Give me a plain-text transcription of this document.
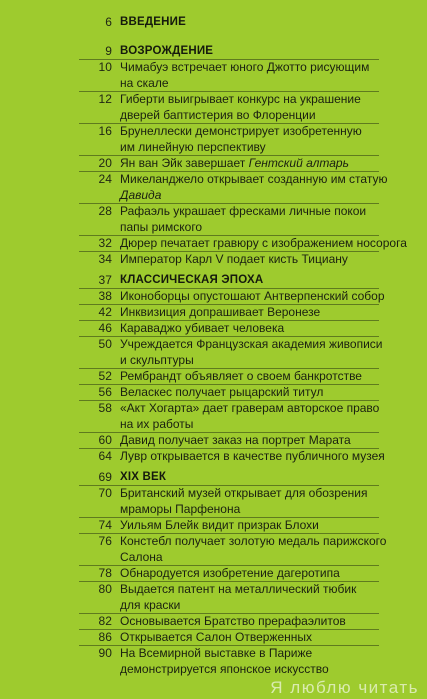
6 ВВЕДЕНИЕ
9 ВОЗРОЖДЕНИЕ
10 Чимабуэ встречает юного Джотто рисующим
на скале
12 Гиберти выигрывает конкурс на украшение
дверей баптистерия во Флоренции
16 Брунеллески демонстрирует изобретенную
им линейную перспективу
20 Ян ван Эйк завершает Гентский алтарь
24 Микеланджело открывает созданную им статую
Давида
28 Рафаэль украшает фресками личные покои
папы римского
32 Дюрер печатает гравюру с изображением носорога
34 Император Карл V подает кисть Тициану
37 КЛАССИЧЕСКАЯ ЭПОХА
38 Иконоборцы опустошают Антверпенский собор
42 Инквизиция допрашивает Веронезе
46 Караваджо убивает человека
50 Учреждается Французская академия живописи
и скульптуры
52 Рембрандт объявляет о своем банкротстве
56 Веласкес получает рыцарский титул
58 «Акт Хогарта» дает граверам авторское право
на их работы
60 Давид получает заказ на портрет Марата
64 Лувр открывается в качестве публичного музея
69 XIX ВЕК
70 Британский музей открывает для обозрения
мраморы Парфенона
74 Уильям Блейк видит призрак Блохи
76 Констебл получает золотую медаль парижского
Салона
78 Обнародуется изобретение дагеротипа
80 Выдается патент на металлический тюбик
для краски
82 Основывается Братство прерафаэлитов
86 Открывается Салон Отверженных
90 На Всемирной выставке в Париже
демонстрируется японское искусство
Я люблю читать
